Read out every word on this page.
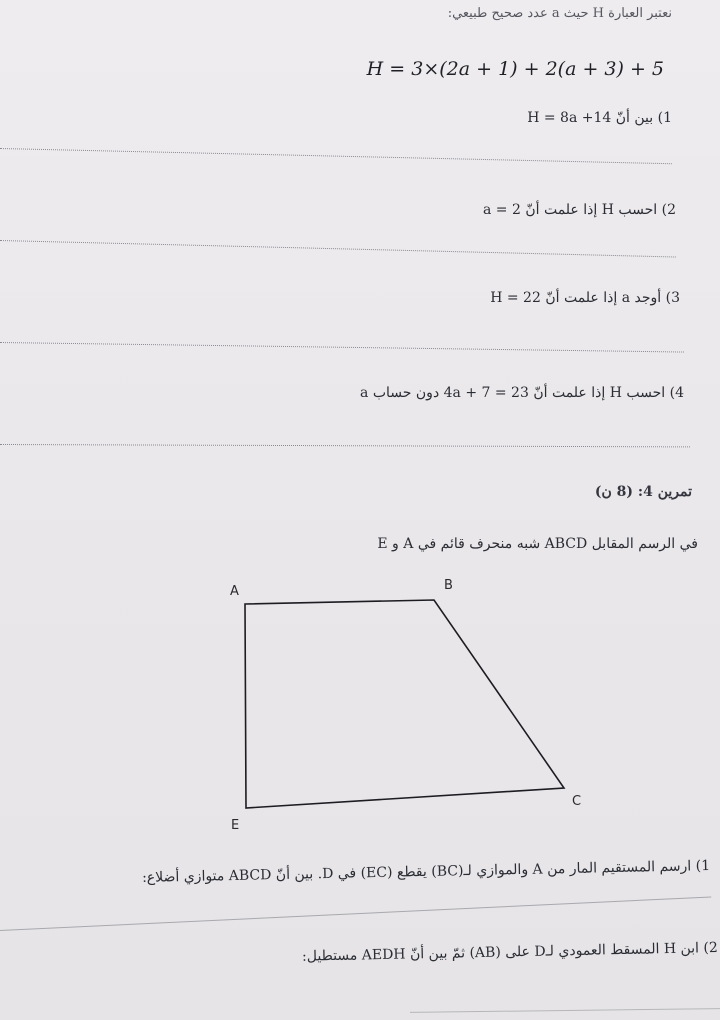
نعتبر العبارة H حيث a عدد صحيح طبيعي:
H = 3×(2a + 1) + 2(a + 3) + 5
1) بين أنّ H = 8a +14
2) احسب H إذا علمت أنّ a = 2
3) أوجد a إذا علمت أنّ H = 22
4) احسب H إذا علمت أنّ 4a + 7 = 23 دون حساب a
تمرين 4: (8 ن)
في الرسم المقابل ABCD شبه منحرف قائم في A و E
A	B
C
E
1) ارسم المستقيم المار من A والموازي لـ(BC) يقطع (EC) في D. بين أنّ ABCD متوازي أضلاع:
2) ابن H المسقط العمودي لـD على (AB) ثمّ بين أنّ AEDH مستطيل:
